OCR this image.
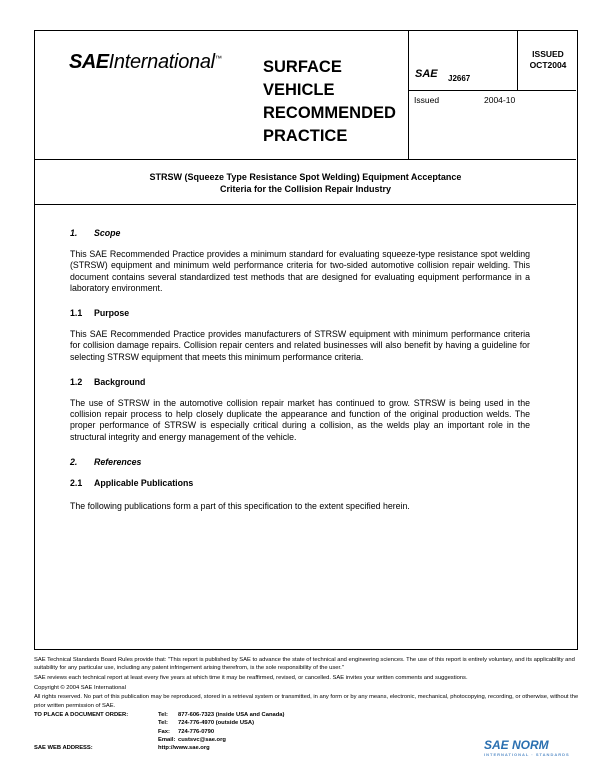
SAEInternational™ SURFACE
VEHICLE
RECOMMENDED
PRACTICE
SAE J2667
ISSUED
OCT2004
Issued	2004-10
STRSW (Squeeze Type Resistance Spot Welding) Equipment Acceptance
Criteria for the Collision Repair Industry

1. Scope

This SAE Recommended Practice provides a minimum standard for evaluating squeeze-type resistance spot welding (STRSW) equipment and minimum weld performance criteria for two-sided automotive collision repair welding. This document contains several standardized test methods that are designed for evaluating equipment performance in a laboratory environment.

1.1 Purpose

This SAE Recommended Practice provides manufacturers of STRSW equipment with minimum performance criteria for collision damage repairs. Collision repair centers and related businesses will also benefit by having a guideline for selecting STRSW equipment that meets this minimum performance criteria.

1.2 Background

The use of STRSW in the automotive collision repair market has continued to grow. STRSW is being used in the collision repair process to help closely duplicate the appearance and function of the original production welds. The proper performance of STRSW is especially critical during a collision, as the welds play an important role in the structural integrity and energy management of the vehicle.

2. References

2.1 Applicable Publications

The following publications form a part of this specification to the extent specified herein.

SAE Technical Standards Board Rules provide that: "This report is published by SAE to advance the state of technical and engineering sciences. The use of this report is entirely voluntary, and its applicability and suitability for any particular use, including any patent infringement arising therefrom, is the sole responsibility of the user."

SAE reviews each technical report at least every five years at which time it may be reaffirmed, revised, or cancelled. SAE invites your written comments and suggestions.

Copyright © 2004 SAE International

All rights reserved. No part of this publication may be reproduced, stored in a retrieval system or transmitted, in any form or by any means, electronic, mechanical, photocopying, recording, or otherwise, without the prior written permission of SAE.

TO PLACE A DOCUMENT ORDER:	Tel:	877-606-7323 (inside USA and Canada)
Tel:	724-776-4970 (outside USA)
Fax:	724-776-0790
Email: custsvc@sae.org
SAE WEB ADDRESS:	http://www.sae.org	SAE NORM
INTERNATIONAL · STANDARDS
